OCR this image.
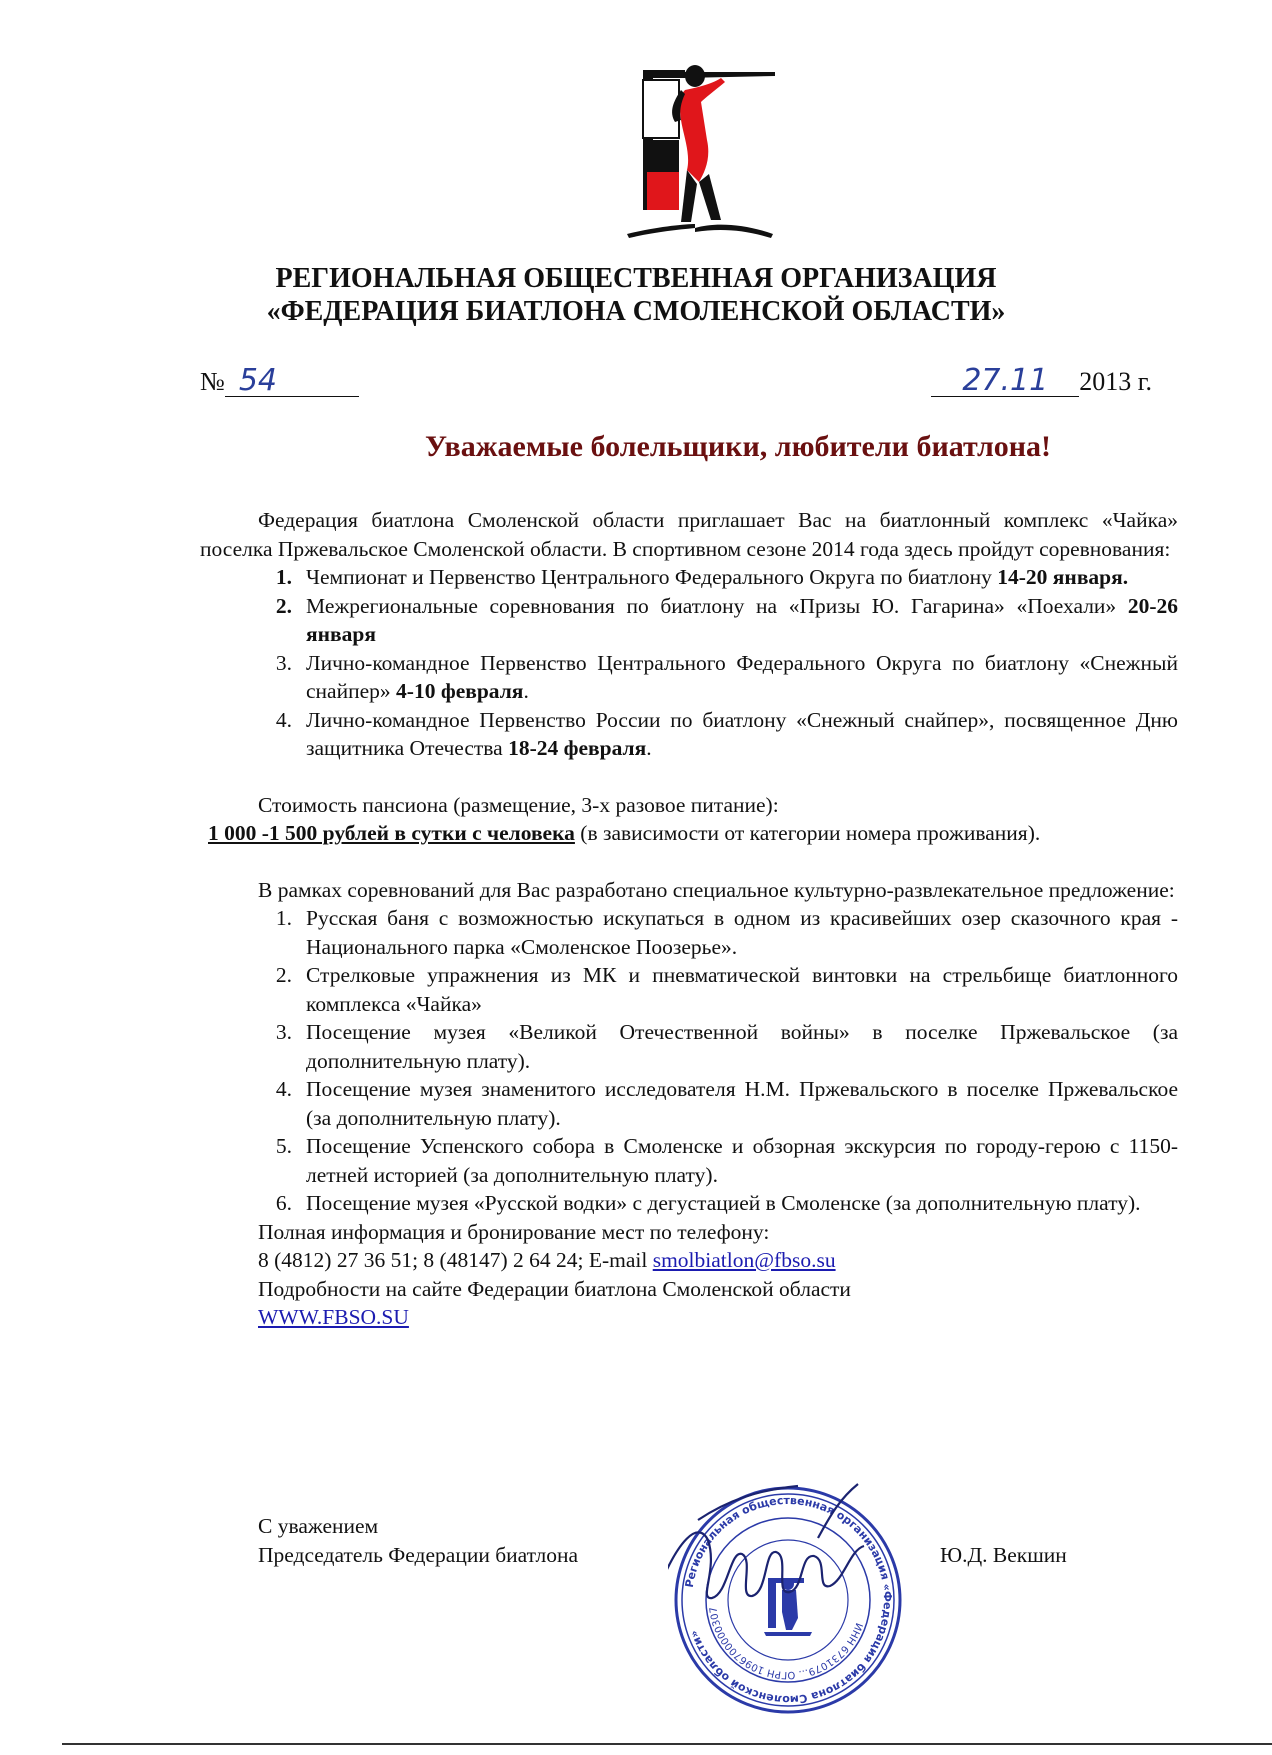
РЕГИОНАЛЬНАЯ ОБЩЕСТВЕННАЯ ОРГАНИЗАЦИЯ
«ФЕДЕРАЦИЯ БИАТЛОНА СМОЛЕНСКОЙ ОБЛАСТИ»
№ 54	27.11 2013 г.
Уважаемые болельщики, любители биатлона!

Федерация биатлона Смоленской области приглашает Вас на биатлонный комплекс «Чайка» поселка Пржевальское Смоленской области. В спортивном сезоне 2014 года здесь пройдут соревнования:

1. Чемпионат и Первенство Центрального Федерального Округа по биатлону 14-20 января.
2. Межрегиональные соревнования по биатлону на «Призы Ю. Гагарина» «Поехали» 20-26 января
3. Лично-командное Первенство Центрального Федерального Округа по биатлону «Снежный снайпер» 4-10 февраля.
4. Лично-командное Первенство России по биатлону «Снежный снайпер», посвященное Дню защитника Отечества 18-24 февраля.

Стоимость пансиона (размещение, 3-х разовое питание):

1 000 -1 500 рублей в сутки с человека (в зависимости от категории номера проживания).

В рамках соревнований для Вас разработано специальное культурно-развлекательное предложение:

1. Русская баня с возможностью искупаться в одном из красивейших озер сказочного края - Национального парка «Смоленское Поозерье».
2. Стрелковые упражнения из МК и пневматической винтовки на стрельбище биатлонного комплекса «Чайка»
3. Посещение музея «Великой Отечественной войны» в поселке Пржевальское (за дополнительную плату).
4. Посещение музея знаменитого исследователя Н.М. Пржевальского в поселке Пржевальское (за дополнительную плату).
5. Посещение Успенского собора в Смоленске и обзорная экскурсия по городу-герою с 1150-летней историей (за дополнительную плату).
6. Посещение музея «Русской водки» с дегустацией в Смоленске (за дополнительную плату).

Полная информация и бронирование мест по телефону:

8 (4812) 27 36 51; 8 (48147) 2 64 24; E-mail smolbiatlon@fbso.su

Подробности на сайте Федерации биатлона Смоленской области

WWW.FBSO.SU

С уважением
Председатель Федерации биатлона	Ю.Д. Векшин
Региональная общественная организация «Федерация биатлона Смоленской области»
ИНН 6731079... ОГРН 1096700000307
